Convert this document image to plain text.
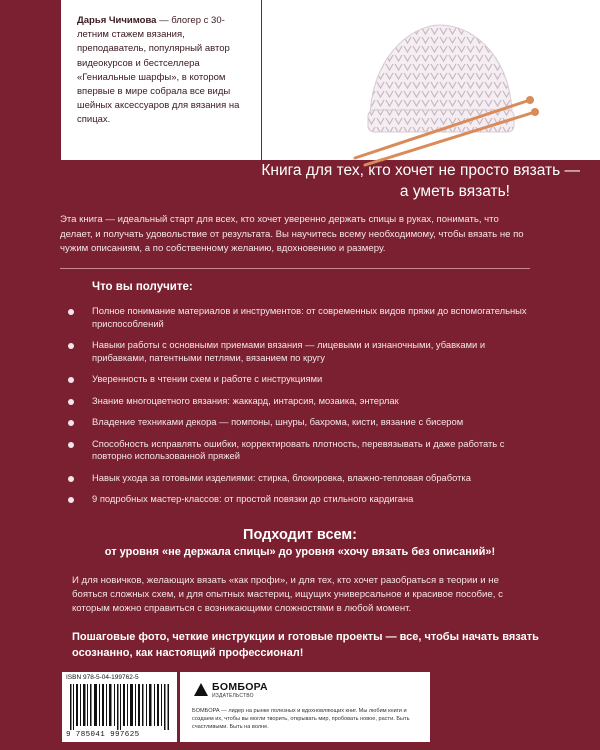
Дарья Чичимова — блогер с 30-летним стажем вязания, преподаватель, популярный автор видеокурсов и бестселлера «Гениальные шарфы», в котором впервые в мире собрала все виды шейных аксессуаров для вязания на спицах.
Книга для тех, кто хочет не просто вязать —
а уметь вязать!
Эта книга — идеальный старт для всех, кто хочет уверенно держать спицы в руках, понимать, что делает, и получать удовольствие от результата. Вы научитесь всему необходимому, чтобы вязать не по чужим описаниям, а по собственному желанию, вдохновению и размеру.
Что вы получите:
Полное понимание материалов и инструментов: от современных видов пряжи до вспомогательных приспособлений
Навыки работы с основными приемами вязания — лицевыми и изнаночными, убавками и прибавками, патентными петлями, вязанием по кругу
Уверенность в чтении схем и работе с инструкциями
Знание многоцветного вязания: жаккард, интарсия, мозаика, энтерлак
Владение техниками декора — помпоны, шнуры, бахрома, кисти, вязание с бисером
Способность исправлять ошибки, корректировать плотность, перевязывать и даже работать с повторно использованной пряжей
Навык ухода за готовыми изделиями: стирка, блокировка, влажно-тепловая обработка
9 подробных мастер-классов: от простой повязки до стильного кардигана
Подходит всем:
от уровня «не держала спицы» до уровня «хочу вязать без описаний»!
И для новичков, желающих вязать «как профи», и для тех, кто хочет разобраться в теории и не бояться сложных схем, и для опытных мастериц, ищущих универсальное и красивое пособие, с которым можно справиться с возникающими сложностями в любой момент.
Пошаговые фото, четкие инструкции и готовые проекты — все, чтобы начать вязать осознанно, как настоящий профессионал!
ISBN 978-5-04-199762-5
9 785041 997625
БОМБОРА
ИЗДАТЕЛЬСТВО
БОМБОРА — лидер на рынке полезных и вдохновляющих книг. Мы любим книги и создаем их, чтобы вы могли творить, открывать мир, пробовать новое, расти. Быть счастливыми. Быть на волне.
